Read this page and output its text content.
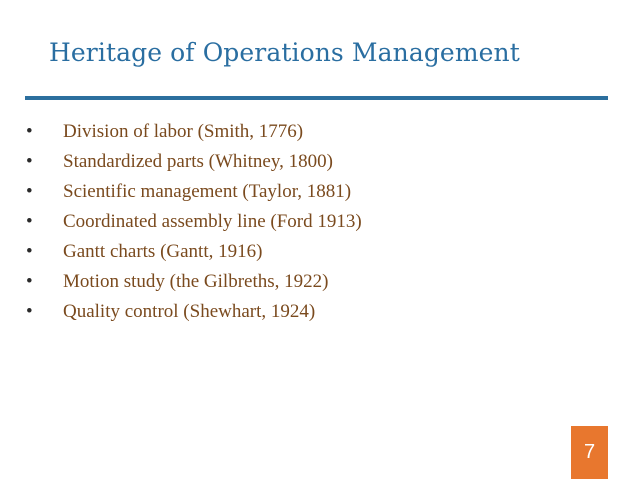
Heritage of Operations Management
•	Division of labor (Smith, 1776)
•	Standardized parts (Whitney, 1800)
•	Scientific management (Taylor, 1881)
•	Coordinated assembly line (Ford 1913)
•	Gantt charts (Gantt, 1916)
•	Motion study (the Gilbreths, 1922)
•	Quality control (Shewhart, 1924)
7
